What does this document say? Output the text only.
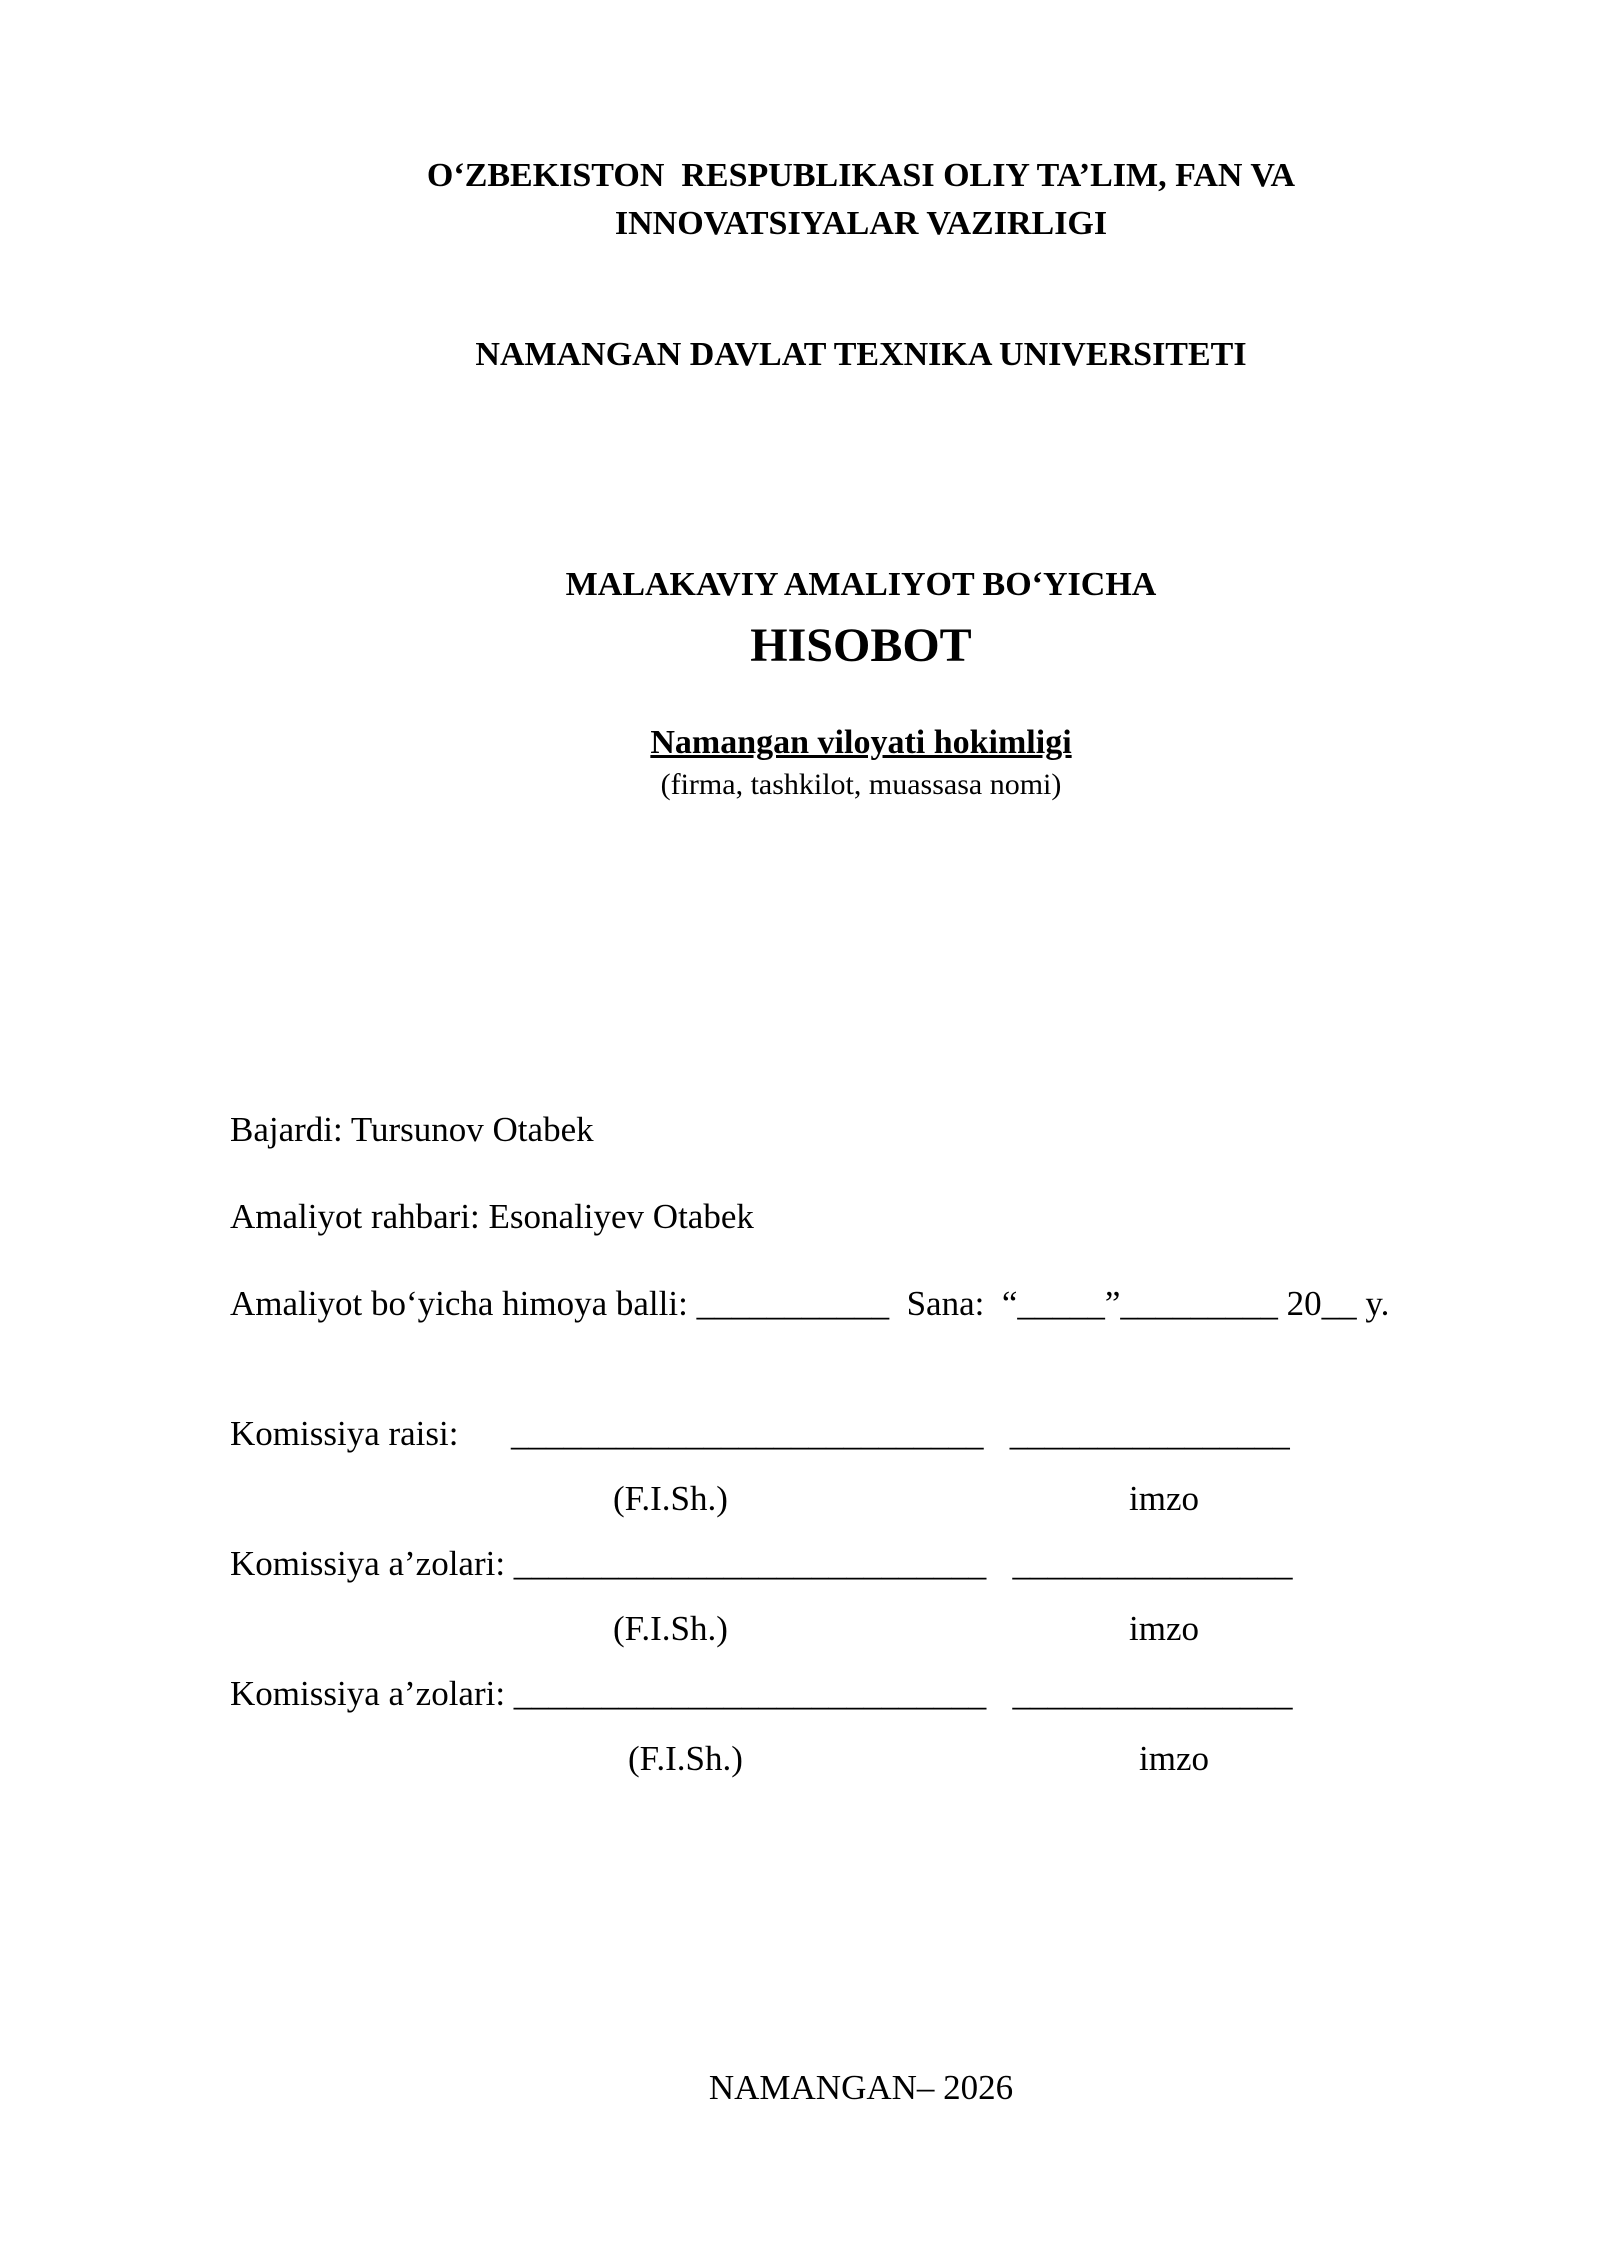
O‘ZBEKISTON  RESPUBLIKASI OLIY TA’LIM, FAN VA
INNOVATSIYALAR VAZIRLIGI
NAMANGAN DAVLAT TEXNIKA UNIVERSITETI
MALAKAVIY AMALIYOT BO‘YICHA
HISOBOT
Namangan viloyati hokimligi
(firma, tashkilot, muassasa nomi)
Bajardi: Tursunov Otabek
Amaliyot rahbari: Esonaliyev Otabek
Amaliyot bo‘yicha himoya balli: ___________  Sana:  “_____”_________ 20__ y.
Komissiya raisi:      ___________________________   ________________
(F.I.Sh.)	imzo
Komissiya a’zolari: ___________________________   ________________
(F.I.Sh.)	imzo
Komissiya a’zolari: ___________________________   ________________
(F.I.Sh.)	imzo
NAMANGAN– 2026
